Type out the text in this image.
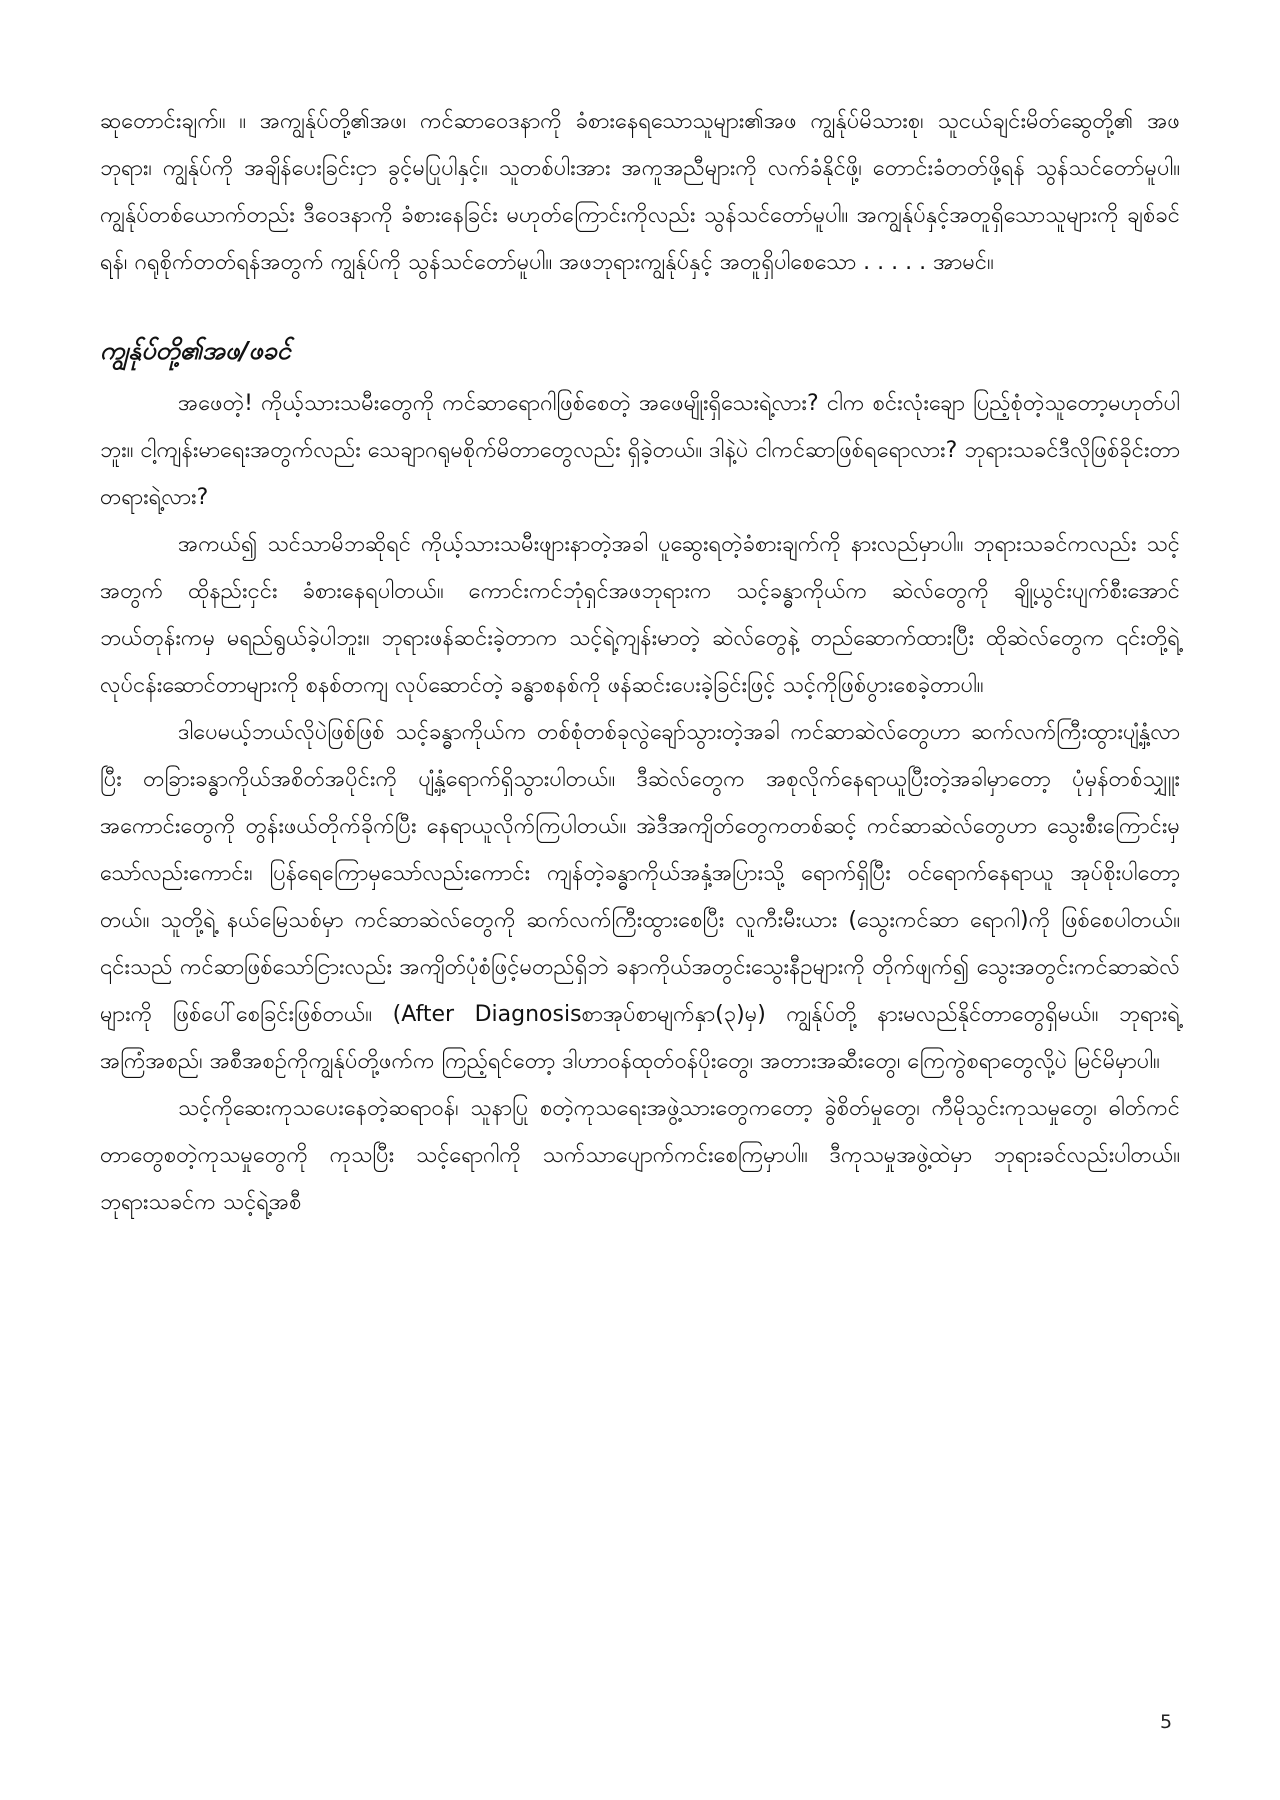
ဆုတောင်းချက်။ ။ အကျွန်ုပ်တို့၏အဖ၊ ကင်ဆာဝေဒနာကို ခံစားနေရသောသူများ၏အဖ ကျွန်ုပ်မိသားစု၊ သူငယ်ချင်းမိတ်ဆွေတို့၏ အဖဘုရား၊ ကျွန်ုပ်ကို အချိန်ပေးခြင်းငှာ ခွင့်မပြုပါနှင့်။ သူတစ်ပါးအား အကူအညီများကို လက်ခံနိုင်ဖို့၊ တောင်းခံတတ်ဖို့ရန် သွန်သင်တော်မူပါ။ ကျွန်ုပ်တစ်ယောက်တည်း ဒီဝေဒနာကို ခံစားနေခြင်း မဟုတ်ကြောင်းကိုလည်း သွန်သင်တော်မူပါ။ အကျွန်ုပ်နှင့်အတူရှိသောသူများကို ချစ်ခင်ရန်၊ ဂရုစိုက်တတ်ရန်အတွက် ကျွန်ုပ်ကို သွန်သင်တော်မူပါ။ အဖဘုရားကျွန်ုပ်နှင့် အတူရှိပါစေသော . . . . . အာမင်။

ကျွန်ုပ်တို့၏အဖ/ဖခင်

အဖေတဲ့! ကိုယ့်သားသမီးတွေကို ကင်ဆာရောဂါဖြစ်စေတဲ့ အဖေမျိုးရှိသေးရဲ့လား? ငါက စင်းလုံးချော ပြည့်စုံတဲ့သူတော့မဟုတ်ပါဘူး။ ငါ့ကျန်းမာရေးအတွက်လည်း သေချာဂရုမစိုက်မိတာတွေလည်း ရှိခဲ့တယ်။ ဒါနဲ့ပဲ ငါကင်ဆာဖြစ်ရရောလား? ဘုရားသခင်ဒီလိုဖြစ်ခိုင်းတာ တရားရဲ့လား?

အကယ်၍ သင်သာမိဘဆိုရင် ကိုယ့်သားသမီးဖျားနာတဲ့အခါ ပူဆွေးရတဲ့ခံစားချက်ကို နားလည်မှာပါ။ ဘုရားသခင်ကလည်း သင့်အတွက် ထိုနည်းငှင်း ခံစားနေရပါတယ်။ ကောင်းကင်ဘုံရှင်အဖဘုရားက သင့်ခန္ဓာကိုယ်က ဆဲလ်တွေကို ချို့ယွင်းပျက်စီးအောင် ဘယ်တုန်းကမှ မရည်ရွယ်ခဲ့ပါဘူး။ ဘုရားဖန်ဆင်းခဲ့တာက သင့်ရဲ့ကျန်းမာတဲ့ ဆဲလ်တွေနဲ့ တည်ဆောက်ထားပြီး ထိုဆဲလ်တွေက ၎င်းတို့ရဲ့လုပ်ငန်းဆောင်တာများကို စနစ်တကျ လုပ်ဆောင်တဲ့ ခန္ဓာစနစ်ကို ဖန်ဆင်းပေးခဲ့ခြင်းဖြင့် သင့်ကိုဖြစ်ပွားစေခဲ့တာပါ။

ဒါပေမယ့်ဘယ်လိုပဲဖြစ်ဖြစ် သင့်ခန္ဓာကိုယ်က တစ်စုံတစ်ခုလွဲချော်သွားတဲ့အခါ ကင်ဆာဆဲလ်တွေဟာ ဆက်လက်ကြီးထွားပျံ့နှံ့လာပြီး တခြားခန္ဓာကိုယ်အစိတ်အပိုင်းကို ပျံ့နှံ့ရောက်ရှိသွားပါတယ်။ ဒီဆဲလ်တွေက အစုလိုက်နေရာယူပြီးတဲ့အခါမှာတော့ ပုံမှန်တစ်သျှူး အကောင်းတွေကို တွန်းဖယ်တိုက်ခိုက်ပြီး နေရာယူလိုက်ကြပါတယ်။ အဲဒီအကျိတ်တွေကတစ်ဆင့် ကင်ဆာဆဲလ်တွေဟာ သွေးစီးကြောင်းမှသော်လည်းကောင်း၊ ပြန်ရေကြောမှသော်လည်းကောင်း ကျန်တဲ့ခန္ဓာကိုယ်အနှံ့အပြားသို့ ရောက်ရှိပြီး ဝင်ရောက်နေရာယူ အုပ်စိုးပါတော့တယ်။ သူတို့ရဲ့ နယ်မြေသစ်မှာ ကင်ဆာဆဲလ်တွေကို ဆက်လက်ကြီးထွားစေပြီး လူကီးမီးယား (သွေးကင်ဆာ ရောဂါ)ကို ဖြစ်စေပါတယ်။ ၎င်းသည် ကင်ဆာဖြစ်သော်ငြားလည်း အကျိတ်ပုံစံဖြင့်မတည်ရှိဘဲ ခနာကိုယ်အတွင်းသွေးနီဥများကို တိုက်ဖျက်၍ သွေးအတွင်းကင်ဆာဆဲလ်များကို ဖြစ်ပေါ်စေခြင်းဖြစ်တယ်။ (After Diagnosisစာအုပ်စာမျက်နှာ(၃)မှ) ကျွန်ုပ်တို့ နားမလည်နိုင်တာတွေရှိမယ်။ ဘုရားရဲ့အကြံအစည်၊ အစီအစဉ်ကိုကျွန်ုပ်တို့ဖက်က ကြည့်ရင်တော့ ဒါဟာဝန်ထုတ်ဝန်ပိုးတွေ၊ အတားအဆီးတွေ၊ ကြေကွဲစရာတွေလို့ပဲ မြင်မိမှာပါ။

သင့်ကိုဆေးကုသပေးနေတဲ့ဆရာဝန်၊ သူနာပြု စတဲ့ကုသရေးအဖွဲ့သားတွေကတော့ ခွဲစိတ်မှုတွေ၊ ကီမိုသွင်းကုသမှုတွေ၊ ဓါတ်ကင်တာတွေစတဲ့ကုသမှုတွေကို ကုသပြီး သင့်ရောဂါကို သက်သာပျောက်ကင်းစေကြမှာပါ။ ဒီကုသမှုအဖွဲ့ထဲမှာ ဘုရားခင်လည်းပါတယ်။ ဘုရားသခင်က သင့်ရဲ့အစီ

5
